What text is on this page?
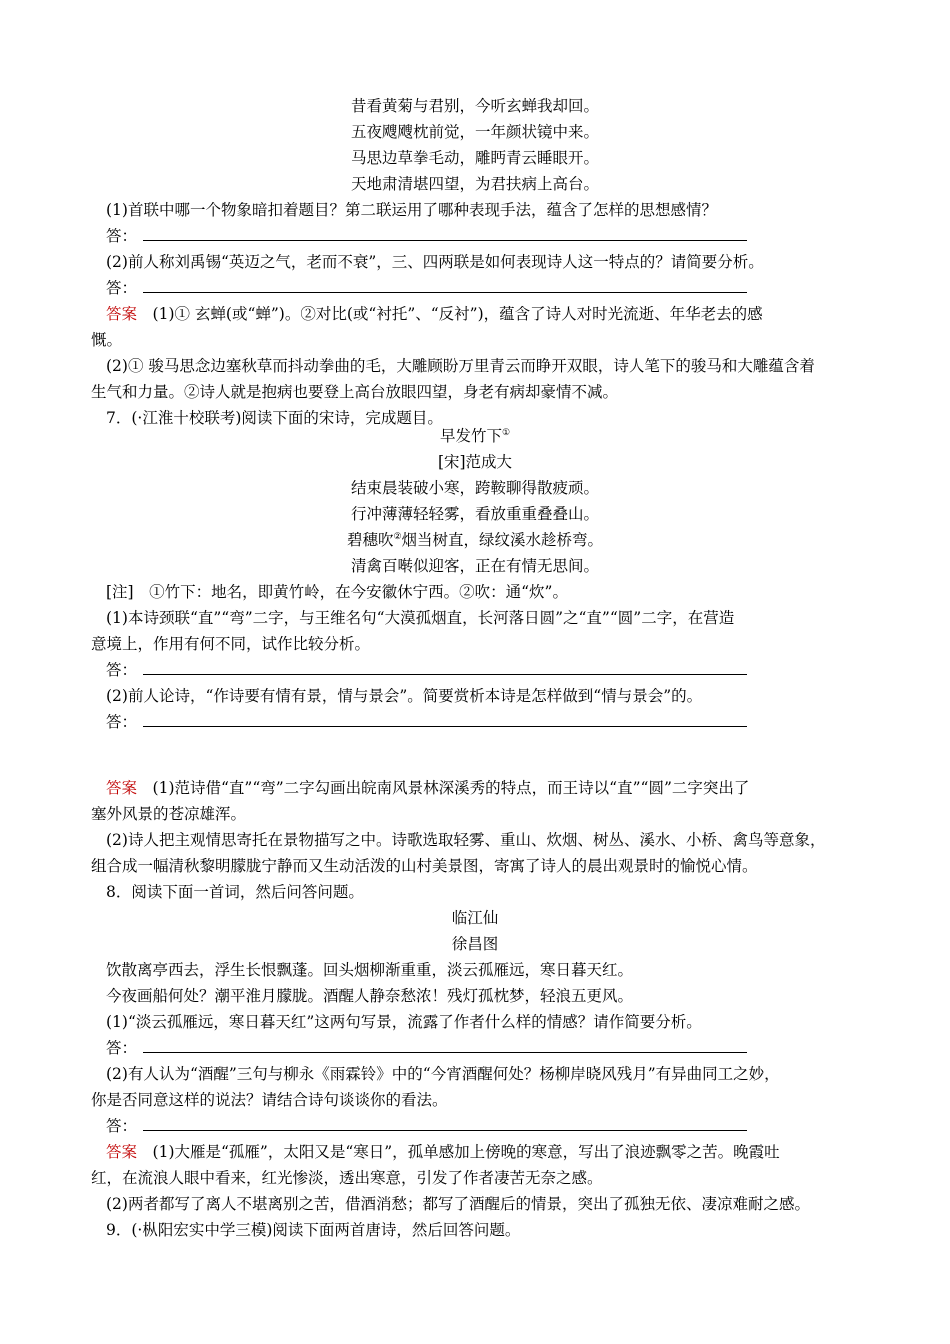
昔看黄菊与君别，今听玄蝉我却回。
五夜飕飕枕前觉，一年颜状镜中来。
马思边草拳毛动，雕眄青云睡眼开。
天地肃清堪四望，为君扶病上高台。
(1)首联中哪一个物象暗扣着题目？第二联运用了哪种表现手法，蕴含了怎样的思想感情？
答：
(2)前人称刘禹锡“英迈之气，老而不衰”，三、四两联是如何表现诗人这一特点的？请简要分析。
答：
答案　 (1)① 玄蝉(或“蝉”)。②对比(或“衬托”、“反衬”)，蕴含了诗人对时光流逝、年华老去的感
慨。
(2)① 骏马思念边塞秋草而抖动拳曲的毛，大雕顾盼万里青云而睁开双眼，诗人笔下的骏马和大雕蕴含着
生气和力量。②诗人就是抱病也要登上高台放眼四望，身老有病却豪情不减。
7．(·江淮十校联考)阅读下面的宋诗，完成题目。
早发竹下①
[宋]范成大
结束晨装破小寒，跨鞍聊得散疲顽。
行冲薄薄轻轻雾，看放重重叠叠山。
碧穗吹②烟当树直，绿纹溪水趁桥弯。
清禽百啭似迎客，正在有情无思间。
[注]　①竹下：地名，即黄竹岭，在今安徽休宁西。②吹：通“炊”。
(1)本诗颈联“直”“弯”二字，与王维名句“大漠孤烟直，长河落日圆”之“直”“圆”二字，在营造
意境上，作用有何不同，试作比较分析。
答：
(2)前人论诗，“作诗要有情有景，情与景会”。简要赏析本诗是怎样做到“情与景会”的。
答：
答案　 (1)范诗借“直”“弯”二字勾画出皖南风景林深溪秀的特点，而王诗以“直”“圆”二字突出了
塞外风景的苍凉雄浑。
(2)诗人把主观情思寄托在景物描写之中。诗歌选取轻雾、重山、炊烟、树丛、溪水、小桥、禽鸟等意象，
组合成一幅清秋黎明朦胧宁静而又生动活泼的山村美景图，寄寓了诗人的晨出观景时的愉悦心情。
8．阅读下面一首词，然后问答问题。
临江仙
徐昌图
饮散离亭西去，浮生长恨飘蓬。回头烟柳渐重重，淡云孤雁远，寒日暮天红。
今夜画船何处？潮平淮月朦胧。酒醒人静奈愁浓！残灯孤枕梦，轻浪五更风。
(1)“淡云孤雁远，寒日暮天红”这两句写景，流露了作者什么样的情感？请作简要分析。
答：
(2)有人认为“酒醒”三句与柳永《雨霖铃》中的“今宵酒醒何处？杨柳岸晓风残月”有异曲同工之妙，
你是否同意这样的说法？请结合诗句谈谈你的看法。
答：
答案　 (1)大雁是“孤雁”，太阳又是“寒日”，孤单感加上傍晚的寒意，写出了浪迹飘零之苦。晚霞吐
红，在流浪人眼中看来，红光惨淡，透出寒意，引发了作者凄苦无奈之感。
(2)两者都写了离人不堪离别之苦，借酒消愁；都写了酒醒后的情景，突出了孤独无依、凄凉难耐之感。
9．(·枞阳宏实中学三模)阅读下面两首唐诗，然后回答问题。
